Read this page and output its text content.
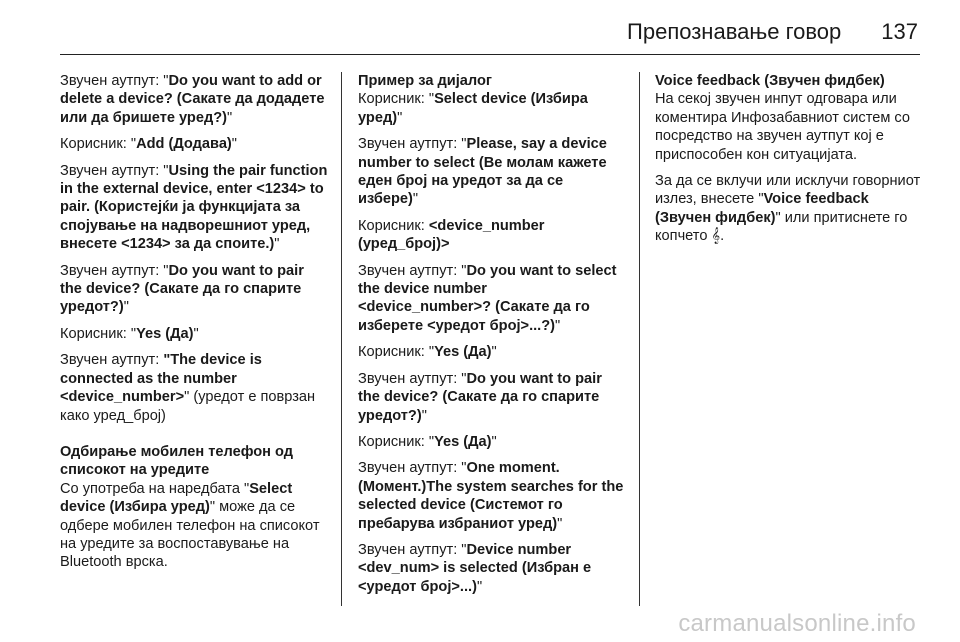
Препознавање говор 137

Звучен аутпут: "Do you want to add or delete a device? (Сакате да додадете или да бришете уред?)"

Корисник: "Add (Додава)"

Звучен аутпут: "Using the pair function in the external device, enter <1234> to pair. (Користејќи ја функцијата за спојување на надворешниот уред, внесете <1234> за да споите.)"

Звучен аутпут: "Do you want to pair the device? (Сакате да го спарите уредот?)"

Корисник: "Yes (Да)"

Звучен аутпут: "The device is connected as the number <device_number>" (уредот е поврзан како уред_број)

Одбирање мобилен телефон од списокот на уредите

Со употреба на наредбата "Select device (Избира уред)" може да се одбере мобилен телефон на списокот на уредите за воспоставување на Bluetooth врска.

Пример за дијалог

Корисник: "Select device (Избира уред)"

Звучен аутпут: "Please, say a device number to select (Ве молам кажете еден број на уредот за да се избере)"

Корисник: <device_number (уред_број)>

Звучен аутпут: "Do you want to select the device number <device_number>? (Сакате да го изберете <уредот број>...?)"

Корисник: "Yes (Да)"

Звучен аутпут: "Do you want to pair the device? (Сакате да го спарите уредот?)"

Корисник: "Yes (Да)"

Звучен аутпут: "One moment. (Момент.)The system searches for the selected device (Системот го пребарува избраниот уред)"

Звучен аутпут: "Device number <dev_num> is selected (Избран е <уредот број>...)"

Voice feedback (Звучен фидбек)

На секој звучен инпут одговара или коментира Инфозабавниот систем со посредство на звучен аутпут кој е приспособен кон ситуацијата.

За да се вклучи или исклучи говорниот излез, внесете "Voice feedback (Звучен фидбек)" или притиснете го копчето 𝄞.

carmanualsonline.info
